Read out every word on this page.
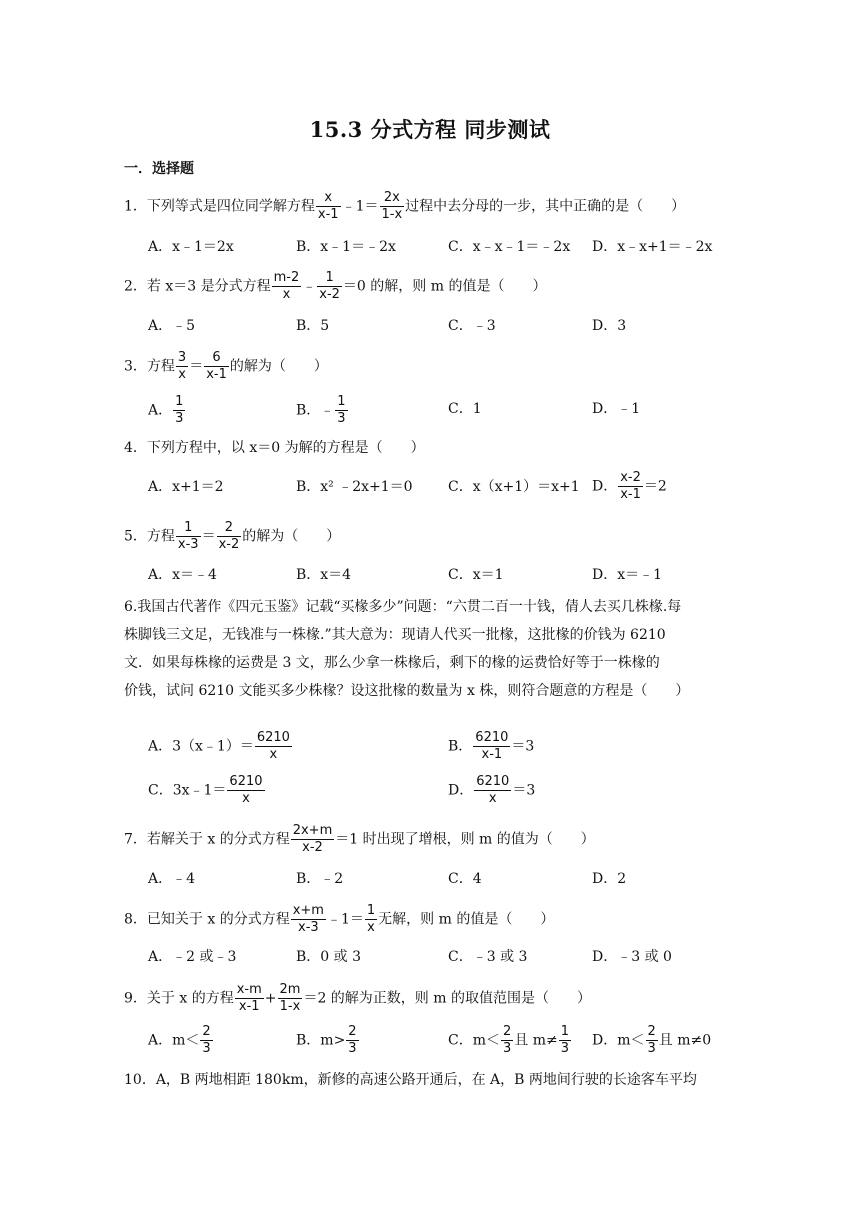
15.3 分式方程 同步测试
一．选择题
1．下列等式是四位同学解方程 $\frac{x}{x-1}$ ﹣1＝ $\frac{2x}{1-x}$ 过程中去分母的一步，其中正确的是（　　）
A．x﹣1＝2x	B．x﹣1＝﹣2x	C．x﹣x﹣1＝﹣2x D．x﹣x+1＝﹣2x
2．若 x＝3 是分式方程 $\frac{m-2}{x}$ ﹣ $\frac{1}{x-2} =0$ 的解，则 m 的值是（　　）
A．﹣5	B．5	C．﹣3	D．3
3．方程 $\frac{3}{x} = \frac{6}{x-1}$ 的解为（　　）
A． $\frac{1}{3}$	B．﹣ $\frac{1}{3}$	C．1	D．﹣1
4．下列方程中，以 x＝0 为解的方程是（　　）
A．x+1＝2	B．x² ﹣2x+1＝0	C．x（x+1）＝x+1 D． $\frac{x-2}{x-1} =2$
5．方程 $\frac{1}{x-3} = \frac{2}{x-2}$ 的解为（　　）
A．x＝﹣4	B．x＝4	C．x＝1	D．x＝﹣1
6.我国古代著作《四元玉鉴》记载“买椽多少”问题：“六贯二百一十钱，倩人去买几株椽.每
株脚钱三文足，无钱准与一株椽.”其大意为：现请人代买一批椽，这批椽的价钱为 6210
文．如果每株椽的运费是 3 文，那么少拿一株椽后，剩下的椽的运费恰好等于一株椽的
价钱，试问 6210 文能买多少株椽？设这批椽的数量为 x 株，则符合题意的方程是（　　）
A．3（x﹣1）＝ $\frac{6210}{x}$	B． $\frac{6210}{x-1} =3$
C．3x﹣1＝ $\frac{6210}{x}$	D． $\frac{6210}{x} =3$
7．若解关于 x 的分式方程 $\frac{2x+m}{x-2} =1$ 时出现了增根，则 m 的值为（　　）
A．﹣4	B．﹣2	C．4	D．2
8．已知关于 x 的分式方程 $\frac{x+m}{x-3}$ ﹣1＝ $\frac{1}{x}$ 无解，则 m 的值是（　　）
A．﹣2 或﹣3	B．0 或 3	C．﹣3 或 3	D．﹣3 或 0
9．关于 x 的方程 $\frac{x-m}{x-1} + \frac{2m}{1-x} =2$ 的解为正数，则 m 的取值范围是（　　）
A．$m< \frac{2}{3}$	B．$m> \frac{2}{3}$	C．$m< \frac{2}{3}$ 且 $m\ne \frac{1}{3}$ D．$m< \frac{2}{3}$ 且 m≠0
10．A，B 两地相距 180km，新修的高速公路开通后，在 A，B 两地间行驶的长途客车平均
